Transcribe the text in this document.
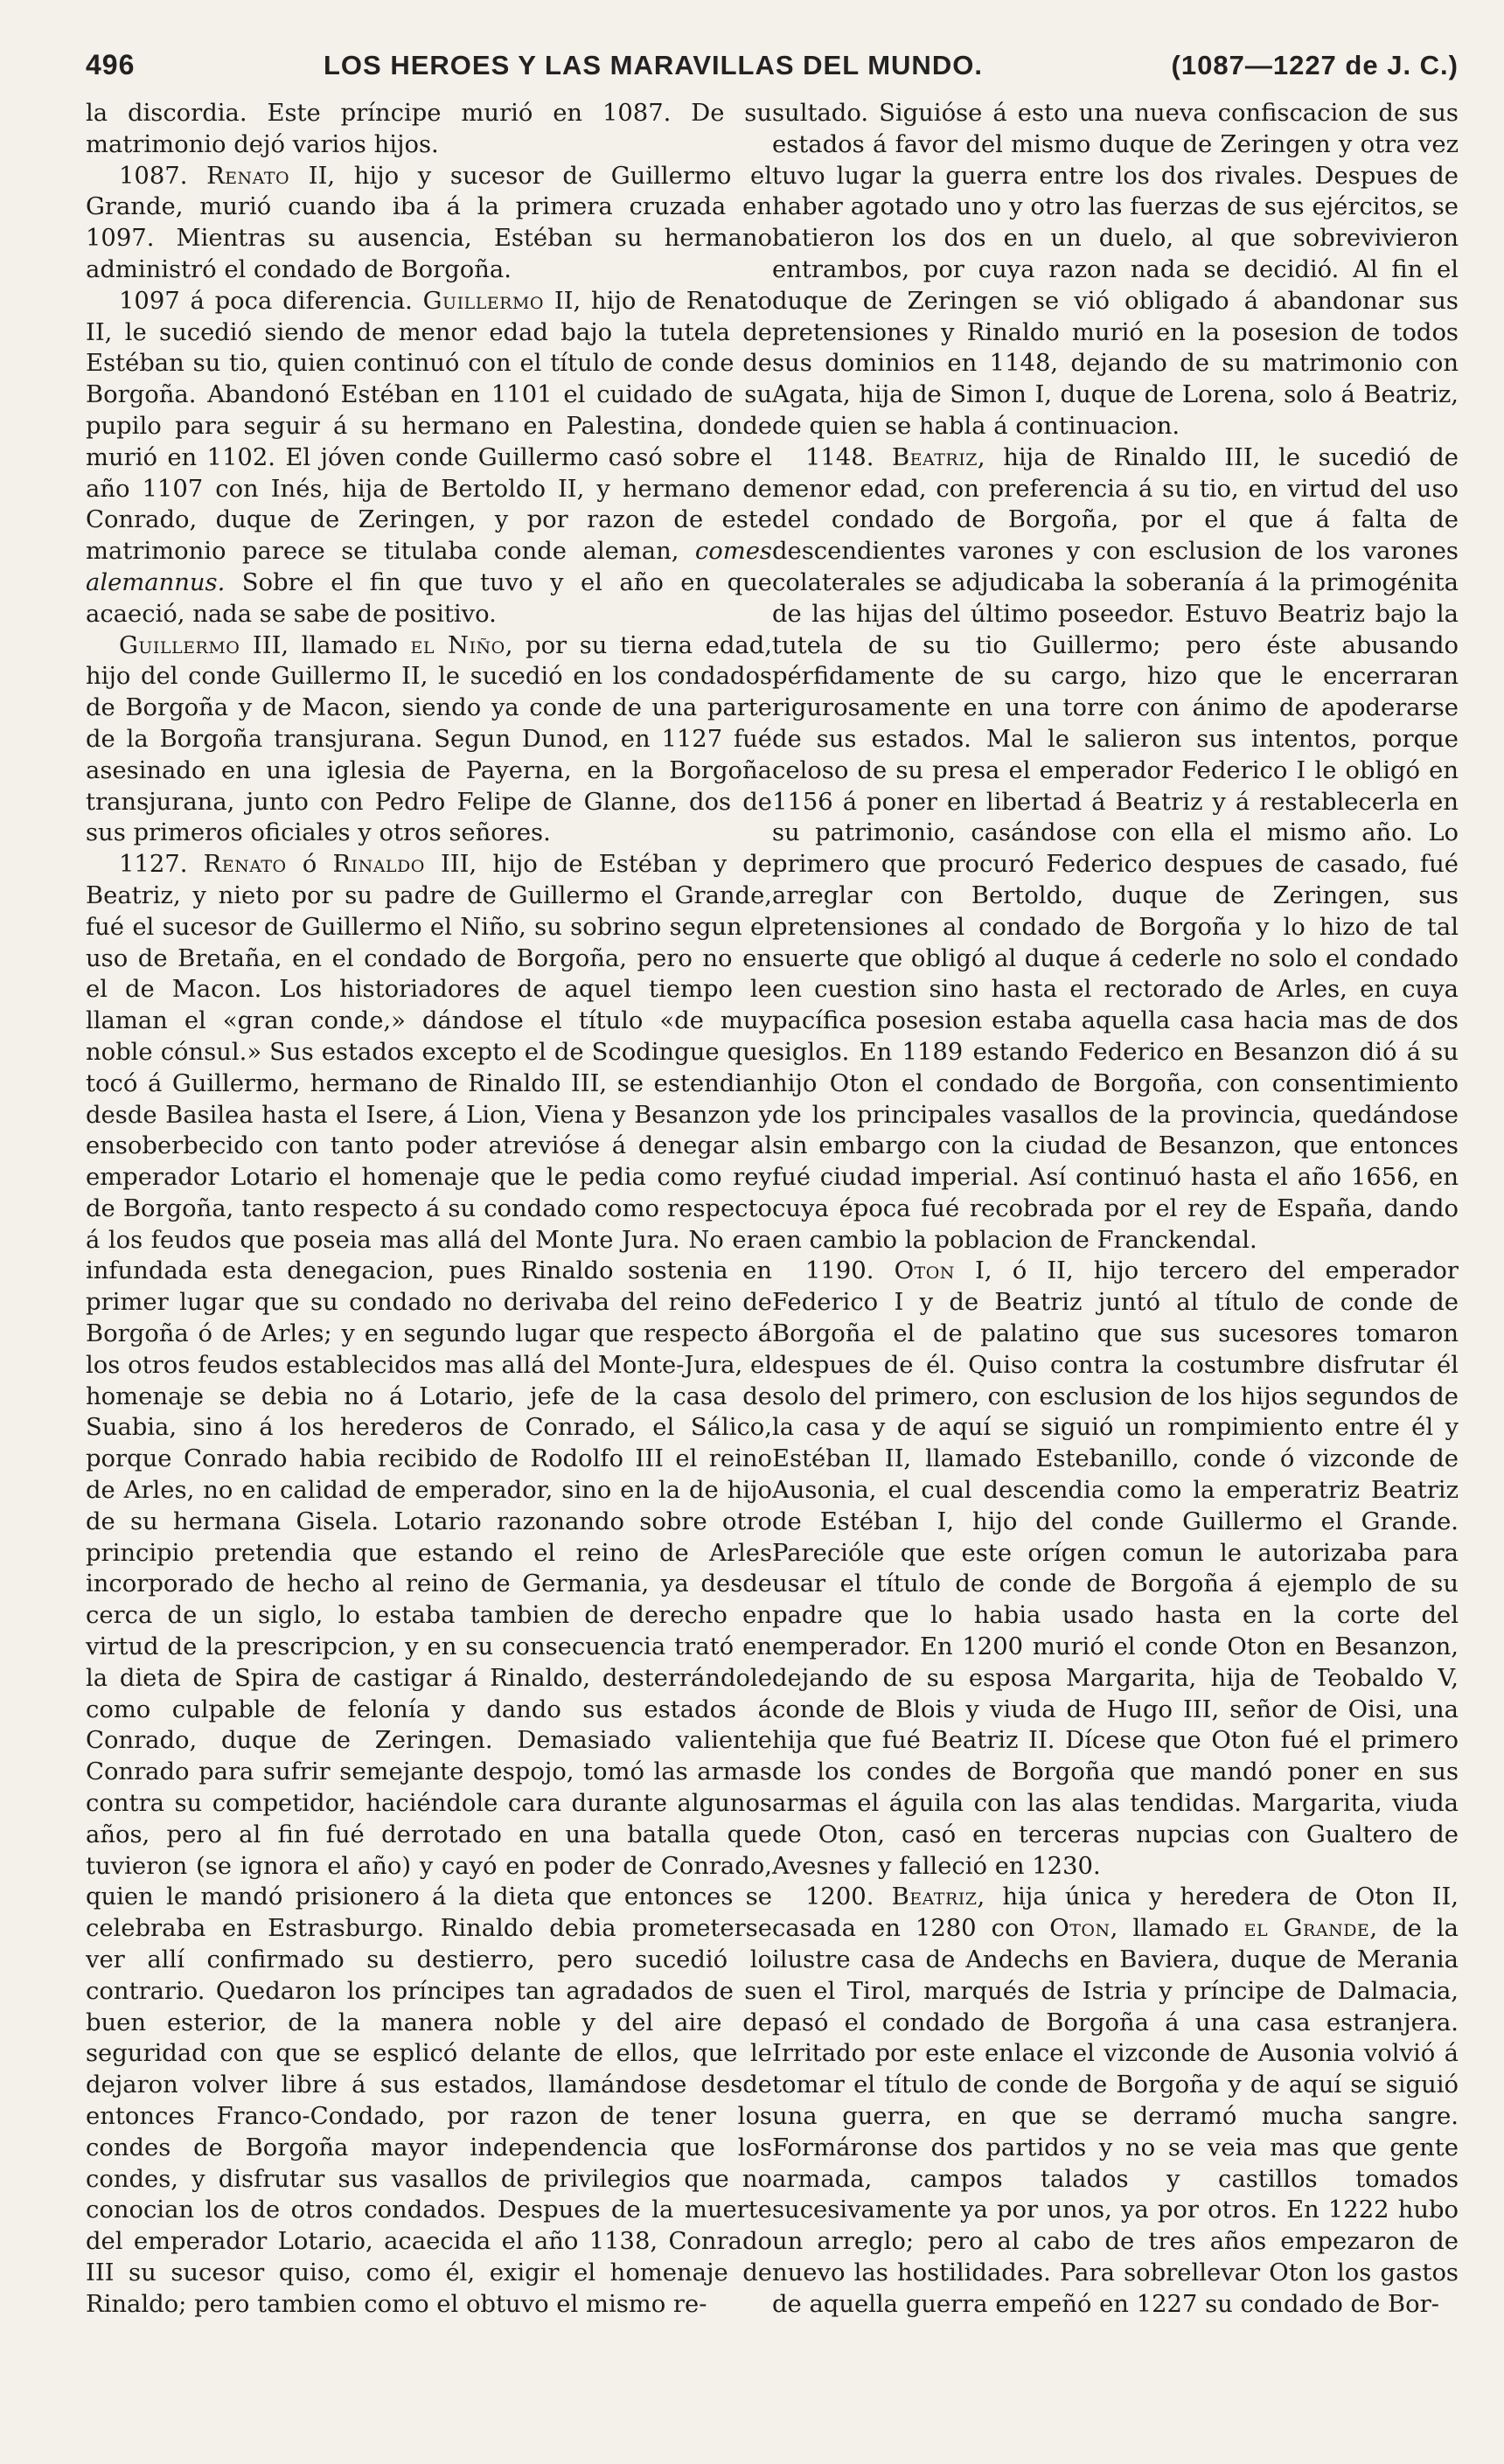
496	LOS HEROES Y LAS MARAVILLAS DEL MUNDO.	(1087—1227 de J. C.)

la discordia. Este príncipe murió en 1087. De su matrimonio dejó varios hijos.

1087. Renato II, hijo y sucesor de Guillermo el Grande, murió cuando iba á la primera cruzada en 1097. Mientras su ausencia, Estéban su hermano administró el condado de Borgoña.

1097 á poca diferencia. Guillermo II, hijo de Renato II, le sucedió siendo de menor edad bajo la tutela de Estéban su tio, quien continuó con el título de conde de Borgoña. Abandonó Estéban en 1101 el cuidado de su pupilo para seguir á su hermano en Palestina, donde murió en 1102. El jóven conde Guillermo casó sobre el año 1107 con Inés, hija de Bertoldo II, y hermano de Conrado, duque de Zeringen, y por razon de este matrimonio parece se titulaba conde aleman, comes alemannus. Sobre el fin que tuvo y el año en que acaeció, nada se sabe de positivo.

Guillermo III, llamado el Niño, por su tierna edad, hijo del conde Guillermo II, le sucedió en los condados de Borgoña y de Macon, siendo ya conde de una parte de la Borgoña transjurana. Segun Dunod, en 1127 fué asesinado en una iglesia de Payerna, en la Borgoña transjurana, junto con Pedro Felipe de Glanne, dos de sus primeros oficiales y otros señores.

1127. Renato ó Rinaldo III, hijo de Estéban y de Beatriz, y nieto por su padre de Guillermo el Grande, fué el sucesor de Guillermo el Niño, su sobrino segun el uso de Bretaña, en el condado de Borgoña, pero no en el de Macon. Los historiadores de aquel tiempo le llaman el «gran conde,» dándose el título «de muy noble cónsul.» Sus estados excepto el de Scodingue que tocó á Guillermo, hermano de Rinaldo III, se estendian desde Basilea hasta el Isere, á Lion, Viena y Besanzon y ensoberbecido con tanto poder atrevióse á denegar al emperador Lotario el homenaje que le pedia como rey de Borgoña, tanto respecto á su condado como respecto á los feudos que poseia mas allá del Monte Jura. No era infundada esta denegacion, pues Rinaldo sostenia en primer lugar que su condado no derivaba del reino de Borgoña ó de Arles; y en segundo lugar que respecto á los otros feudos establecidos mas allá del Monte-Jura, el homenaje se debia no á Lotario, jefe de la casa de Suabia, sino á los herederos de Conrado, el Sálico, porque Conrado habia recibido de Rodolfo III el reino de Arles, no en calidad de emperador, sino en la de hijo de su hermana Gisela. Lotario razonando sobre otro principio pretendia que estando el reino de Arles incorporado de hecho al reino de Germania, ya desde cerca de un siglo, lo estaba tambien de derecho en virtud de la prescripcion, y en su consecuencia trató en la dieta de Spira de castigar á Rinaldo, desterrándole como culpable de felonía y dando sus estados á Conrado, duque de Zeringen. Demasiado valiente Conrado para sufrir semejante despojo, tomó las armas contra su competidor, haciéndole cara durante algunos años, pero al fin fué derrotado en una batalla que tuvieron (se ignora el año) y cayó en poder de Conrado, quien le mandó prisionero á la dieta que entonces se celebraba en Estrasburgo. Rinaldo debia prometerse ver allí confirmado su destierro, pero sucedió lo contrario. Quedaron los príncipes tan agradados de su buen esterior, de la manera noble y del aire de seguridad con que se esplicó delante de ellos, que le dejaron volver libre á sus estados, llamándose desde entonces Franco-Condado, por razon de tener los condes de Borgoña mayor independencia que los condes, y disfrutar sus vasallos de privilegios que no conocian los de otros condados. Despues de la muerte del emperador Lotario, acaecida el año 1138, Conrado III su sucesor quiso, como él, exigir el homenaje de Rinaldo; pero tambien como el obtuvo el mismo re-

sultado. Siguióse á esto una nueva confiscacion de sus estados á favor del mismo duque de Zeringen y otra vez tuvo lugar la guerra entre los dos rivales. Despues de haber agotado uno y otro las fuerzas de sus ejércitos, se batieron los dos en un duelo, al que sobrevivieron entrambos, por cuya razon nada se decidió. Al fin el duque de Zeringen se vió obligado á abandonar sus pretensiones y Rinaldo murió en la posesion de todos sus dominios en 1148, dejando de su matrimonio con Agata, hija de Simon I, duque de Lorena, solo á Beatriz, de quien se habla á continuacion.

1148. Beatriz, hija de Rinaldo III, le sucedió de menor edad, con preferencia á su tio, en virtud del uso del condado de Borgoña, por el que á falta de descendientes varones y con esclusion de los varones colaterales se adjudicaba la soberanía á la primogénita de las hijas del último poseedor. Estuvo Beatriz bajo la tutela de su tio Guillermo; pero éste abusando pérfidamente de su cargo, hizo que le encerraran rigurosamente en una torre con ánimo de apoderarse de sus estados. Mal le salieron sus intentos, porque celoso de su presa el emperador Federico I le obligó en 1156 á poner en libertad á Beatriz y á restablecerla en su patrimonio, casándose con ella el mismo año. Lo primero que procuró Federico despues de casado, fué arreglar con Bertoldo, duque de Zeringen, sus pretensiones al condado de Borgoña y lo hizo de tal suerte que obligó al duque á cederle no solo el condado en cuestion sino hasta el rectorado de Arles, en cuya pacífica posesion estaba aquella casa hacia mas de dos siglos. En 1189 estando Federico en Besanzon dió á su hijo Oton el condado de Borgoña, con consentimiento de los principales vasallos de la provincia, quedándose sin embargo con la ciudad de Besanzon, que entonces fué ciudad imperial. Así continuó hasta el año 1656, en cuya época fué recobrada por el rey de España, dando en cambio la poblacion de Franckendal.

1190. Oton I, ó II, hijo tercero del emperador Federico I y de Beatriz juntó al título de conde de Borgoña el de palatino que sus sucesores tomaron despues de él. Quiso contra la costumbre disfrutar él solo del primero, con esclusion de los hijos segundos de la casa y de aquí se siguió un rompimiento entre él y Estéban II, llamado Estebanillo, conde ó vizconde de Ausonia, el cual descendia como la emperatriz Beatriz de Estéban I, hijo del conde Guillermo el Grande. Parecióle que este orígen comun le autorizaba para usar el título de conde de Borgoña á ejemplo de su padre que lo habia usado hasta en la corte del emperador. En 1200 murió el conde Oton en Besanzon, dejando de su esposa Margarita, hija de Teobaldo V, conde de Blois y viuda de Hugo III, señor de Oisi, una hija que fué Beatriz II. Dícese que Oton fué el primero de los condes de Borgoña que mandó poner en sus armas el águila con las alas tendidas. Margarita, viuda de Oton, casó en terceras nupcias con Gualtero de Avesnes y falleció en 1230.

1200. Beatriz, hija única y heredera de Oton II, casada en 1280 con Oton, llamado el Grande, de la ilustre casa de Andechs en Baviera, duque de Merania en el Tirol, marqués de Istria y príncipe de Dalmacia, pasó el condado de Borgoña á una casa estranjera. Irritado por este enlace el vizconde de Ausonia volvió á tomar el título de conde de Borgoña y de aquí se siguió una guerra, en que se derramó mucha sangre. Formáronse dos partidos y no se veia mas que gente armada, campos talados y castillos tomados sucesivamente ya por unos, ya por otros. En 1222 hubo un arreglo; pero al cabo de tres años empezaron de nuevo las hostilidades. Para sobrellevar Oton los gastos de aquella guerra empeñó en 1227 su condado de Bor-
